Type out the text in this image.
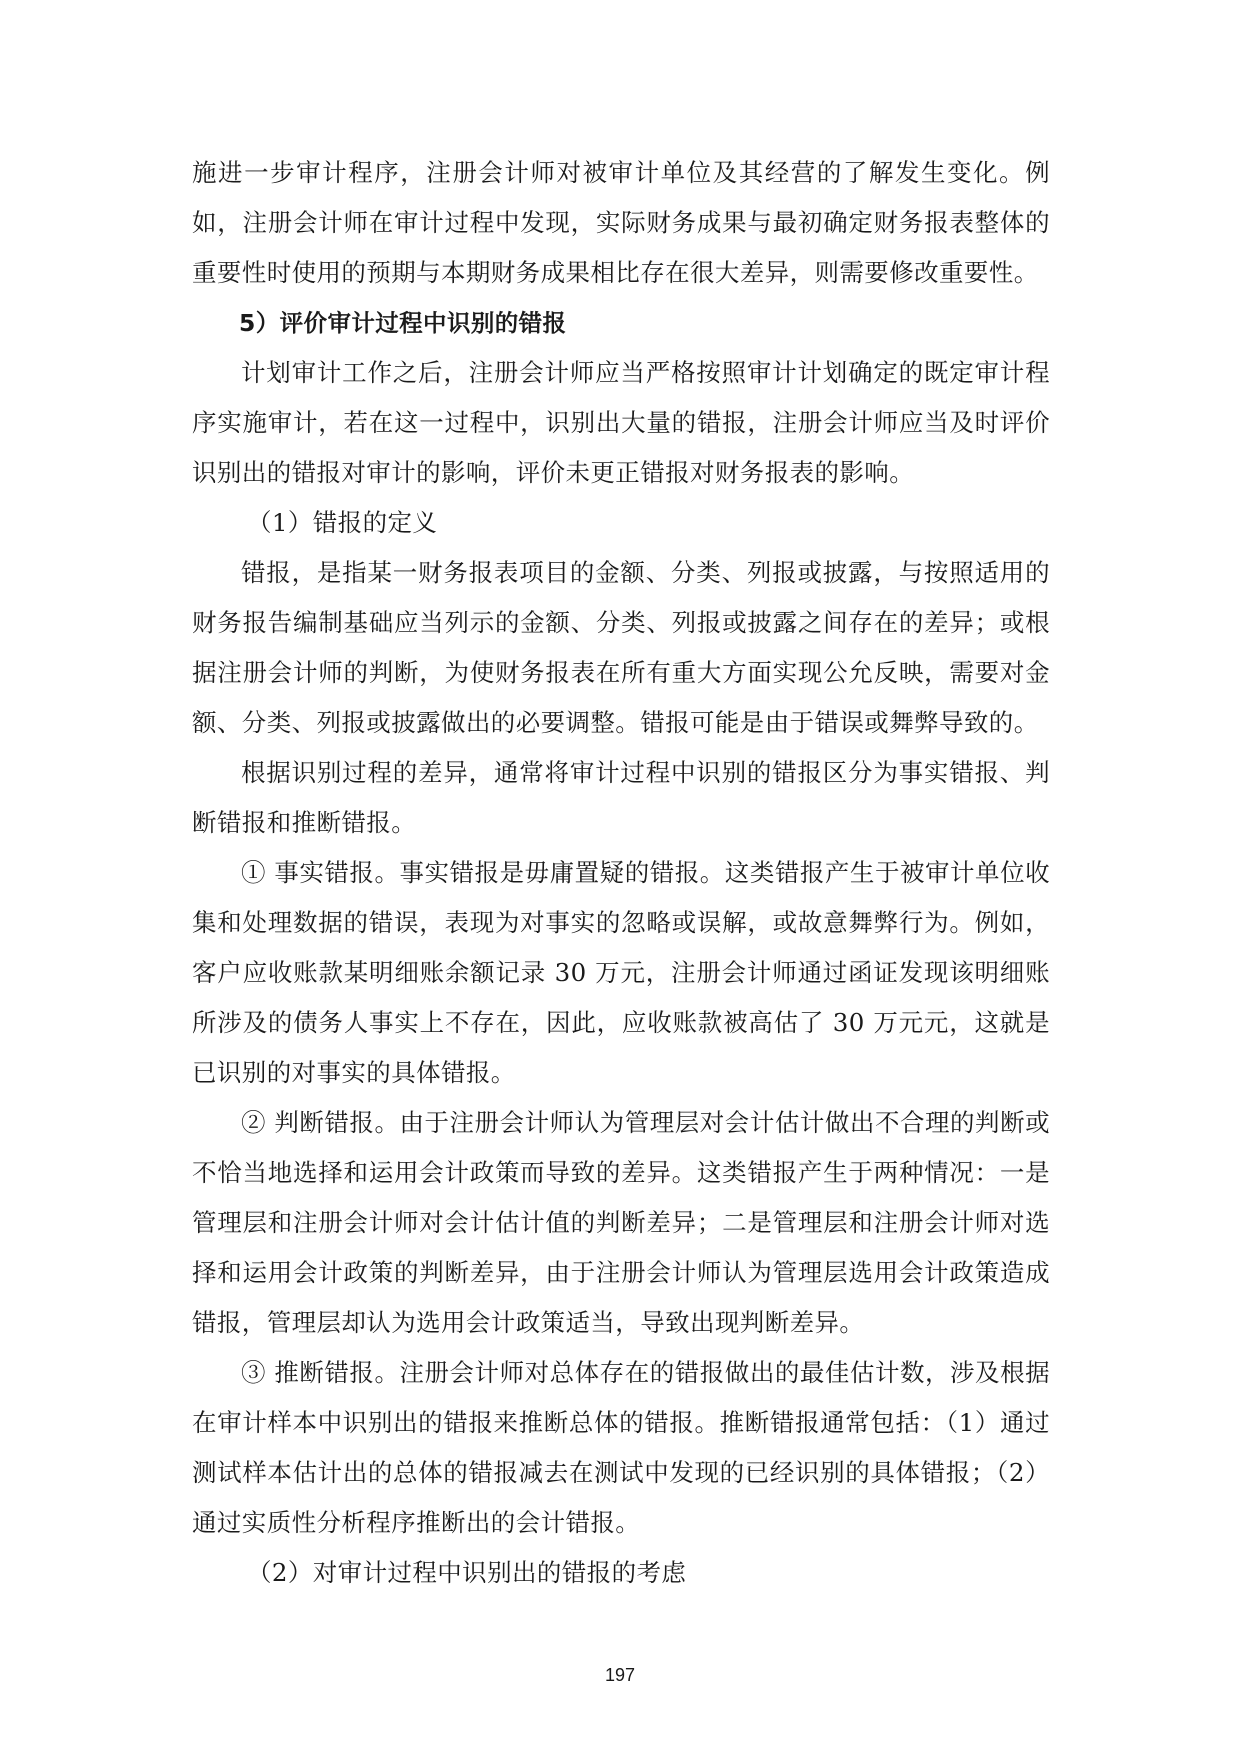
施进一步审计程序，注册会计师对被审计单位及其经营的了解发生变化。例如，注册会计师在审计过程中发现，实际财务成果与最初确定财务报表整体的重要性时使用的预期与本期财务成果相比存在很大差异，则需要修改重要性。

5）评价审计过程中识别的错报

计划审计工作之后，注册会计师应当严格按照审计计划确定的既定审计程序实施审计，若在这一过程中，识别出大量的错报，注册会计师应当及时评价识别出的错报对审计的影响，评价未更正错报对财务报表的影响。

（1）错报的定义

错报，是指某一财务报表项目的金额、分类、列报或披露，与按照适用的财务报告编制基础应当列示的金额、分类、列报或披露之间存在的差异；或根据注册会计师的判断，为使财务报表在所有重大方面实现公允反映，需要对金额、分类、列报或披露做出的必要调整。错报可能是由于错误或舞弊导致的。

根据识别过程的差异，通常将审计过程中识别的错报区分为事实错报、判断错报和推断错报。

① 事实错报。事实错报是毋庸置疑的错报。这类错报产生于被审计单位收集和处理数据的错误，表现为对事实的忽略或误解，或故意舞弊行为。例如，客户应收账款某明细账余额记录 30 万元，注册会计师通过函证发现该明细账所涉及的债务人事实上不存在，因此，应收账款被高估了 30 万元元，这就是已识别的对事实的具体错报。

② 判断错报。由于注册会计师认为管理层对会计估计做出不合理的判断或不恰当地选择和运用会计政策而导致的差异。这类错报产生于两种情况：一是管理层和注册会计师对会计估计值的判断差异；二是管理层和注册会计师对选择和运用会计政策的判断差异，由于注册会计师认为管理层选用会计政策造成错报，管理层却认为选用会计政策适当，导致出现判断差异。

③ 推断错报。注册会计师对总体存在的错报做出的最佳估计数，涉及根据在审计样本中识别出的错报来推断总体的错报。推断错报通常包括：（1）通过测试样本估计出的总体的错报减去在测试中发现的已经识别的具体错报；（2）通过实质性分析程序推断出的会计错报。

（2）对审计过程中识别出的错报的考虑

197
